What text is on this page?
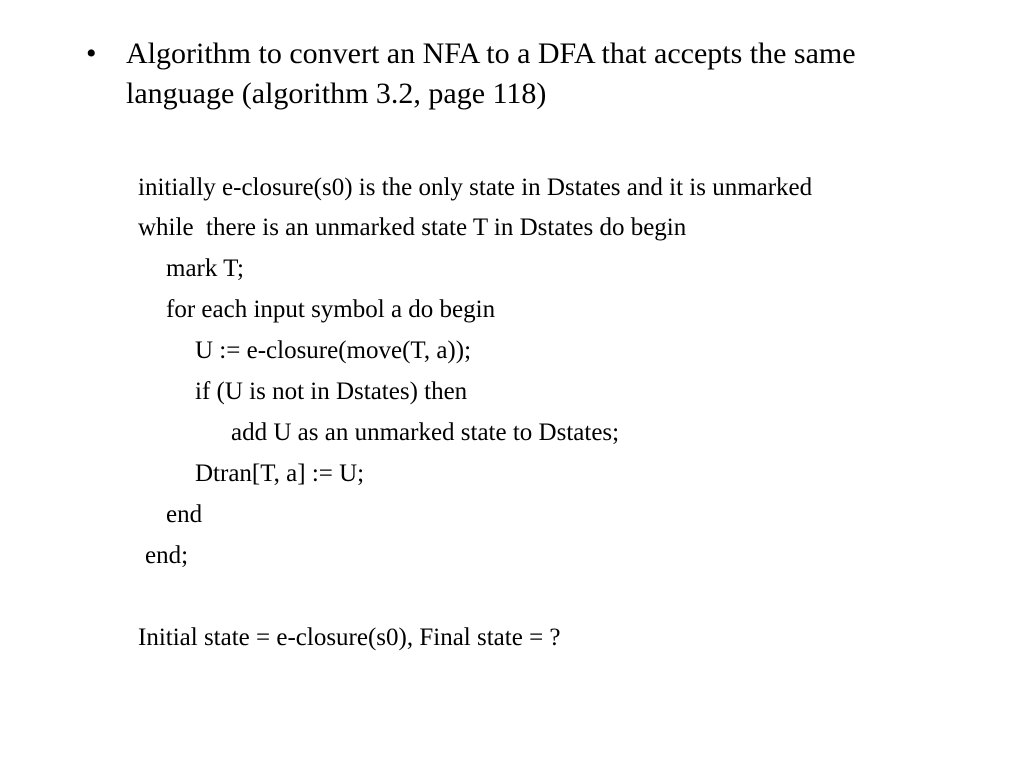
• Algorithm to convert an NFA to a DFA that accepts the same language (algorithm 3.2, page 118)
initially e-closure(s0) is the only state in Dstates and it is unmarked
while  there is an unmarked state T in Dstates do begin
mark T;
for each input symbol a do begin
U := e-closure(move(T, a));
if (U is not in Dstates) then
add U as an unmarked state to Dstates;
Dtran[T, a] := U;
end
end;
Initial state = e-closure(s0), Final state = ?
